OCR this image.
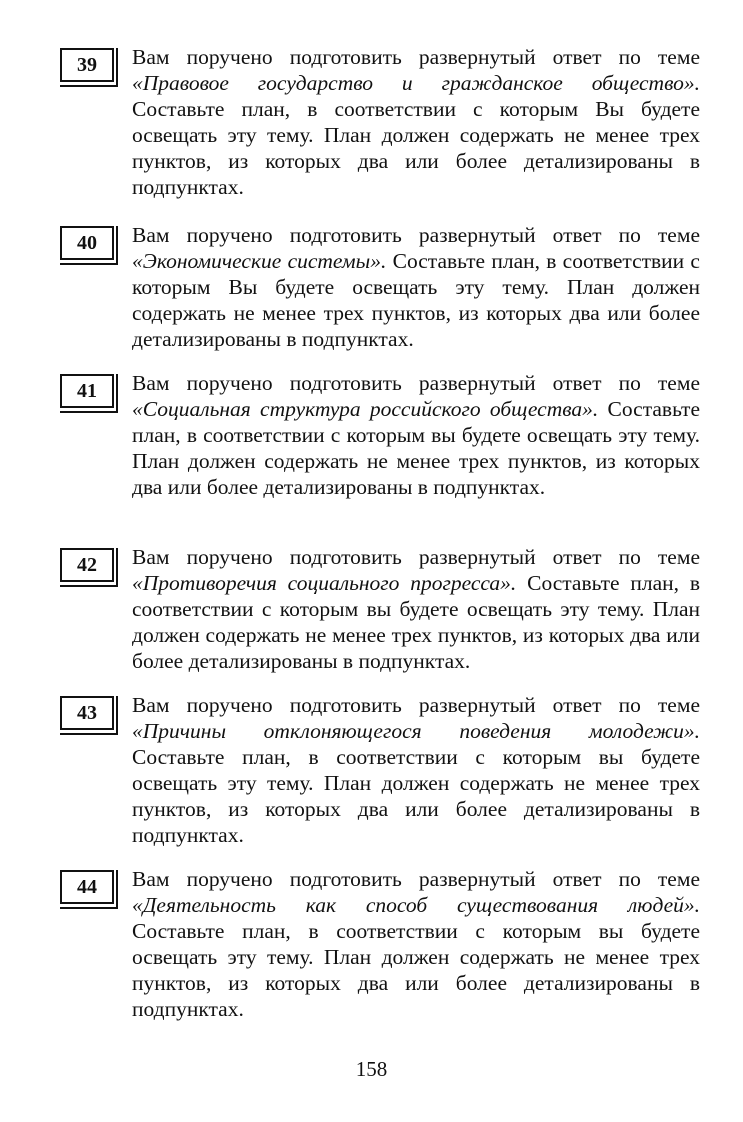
39	Вам поручено подготовить развернутый ответ по теме «Правовое государство и гражданское общество». Составьте план, в соответствии с которым Вы будете освещать эту тему. План должен содержать не менее трех пунктов, из которых два или более детализированы в подпунктах.
40	Вам поручено подготовить развернутый ответ по теме «Экономические системы». Составьте план, в соответствии с которым Вы будете освещать эту тему. План должен содержать не менее трех пунктов, из которых два или более детализированы в подпунктах.
41	Вам поручено подготовить развернутый ответ по теме «Социальная структура российского общества». Составьте план, в соответствии с которым вы будете освещать эту тему. План должен содержать не менее трех пунктов, из которых два или более детализированы в подпунктах.
42	Вам поручено подготовить развернутый ответ по теме «Противоречия социального прогресса». Составьте план, в соответствии с которым вы будете освещать эту тему. План должен содержать не менее трех пунктов, из которых два или более детализированы в подпунктах.
43	Вам поручено подготовить развернутый ответ по теме «Причины отклоняющегося поведения молодежи». Составьте план, в соответствии с которым вы будете освещать эту тему. План должен содержать не менее трех пунктов, из которых два или более детализированы в подпунктах.
44	Вам поручено подготовить развернутый ответ по теме «Деятельность как способ существования людей». Составьте план, в соответствии с которым вы будете освещать эту тему. План должен содержать не менее трех пунктов, из которых два или более детализированы в подпунктах.
158
